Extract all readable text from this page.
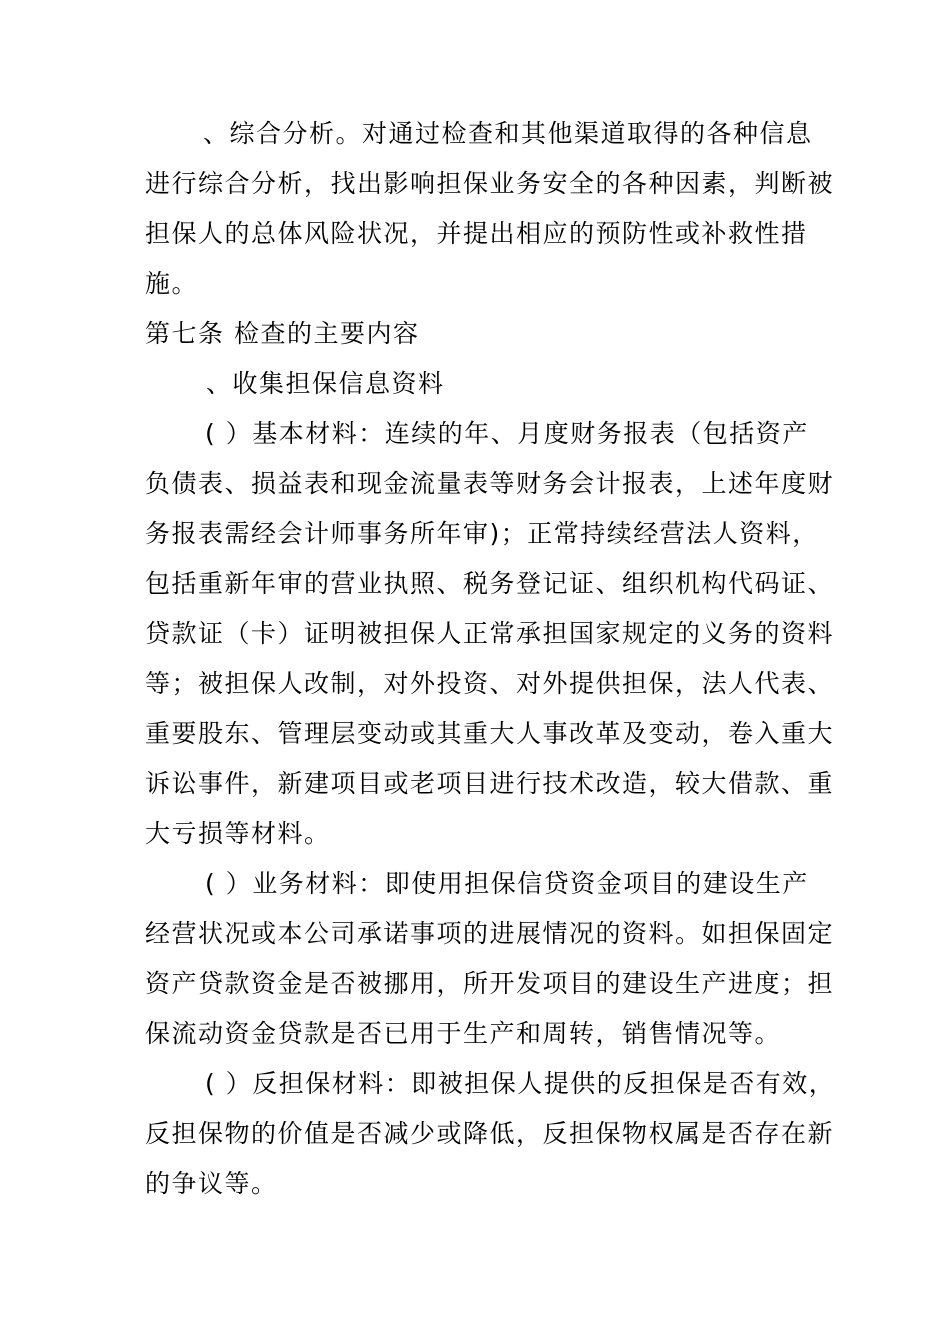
、综合分析。对通过检查和其他渠道取得的各种信息
进行综合分析，找出影响担保业务安全的各种因素，判断被
担保人的总体风险状况，并提出相应的预防性或补救性措
施。
第七条 检查的主要内容
、收集担保信息资料
( ）基本材料：连续的年、月度财务报表（包括资产
负债表、损益表和现金流量表等财务会计报表，上述年度财
务报表需经会计师事务所年审)；正常持续经营法人资料，
包括重新年审的营业执照、税务登记证、组织机构代码证、
贷款证（卡）证明被担保人正常承担国家规定的义务的资料
等；被担保人改制，对外投资、对外提供担保，法人代表、
重要股东、管理层变动或其重大人事改革及变动，卷入重大
诉讼事件，新建项目或老项目进行技术改造，较大借款、重
大亏损等材料。
( ）业务材料：即使用担保信贷资金项目的建设生产
经营状况或本公司承诺事项的进展情况的资料。如担保固定
资产贷款资金是否被挪用，所开发项目的建设生产进度；担
保流动资金贷款是否已用于生产和周转，销售情况等。
( ）反担保材料：即被担保人提供的反担保是否有效，
反担保物的价值是否减少或降低，反担保物权属是否存在新
的争议等。
